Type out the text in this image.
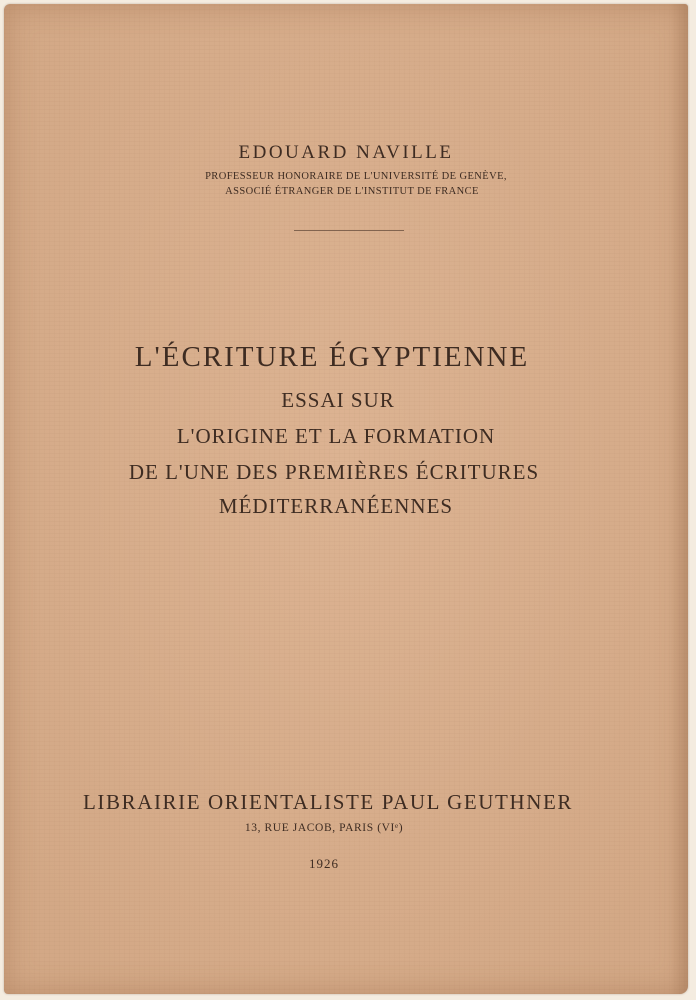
EDOUARD NAVILLE
PROFESSEUR HONORAIRE DE L'UNIVERSITÉ DE GENÈVE,
ASSOCIÉ ÉTRANGER DE L'INSTITUT DE FRANCE
L'ÉCRITURE ÉGYPTIENNE
ESSAI SUR
L'ORIGINE ET LA FORMATION
DE L'UNE DES PREMIÈRES ÉCRITURES
MÉDITERRANÉENNES
LIBRAIRIE ORIENTALISTE PAUL GEUTHNER
13, RUE JACOB, PARIS (VIe)
1926
